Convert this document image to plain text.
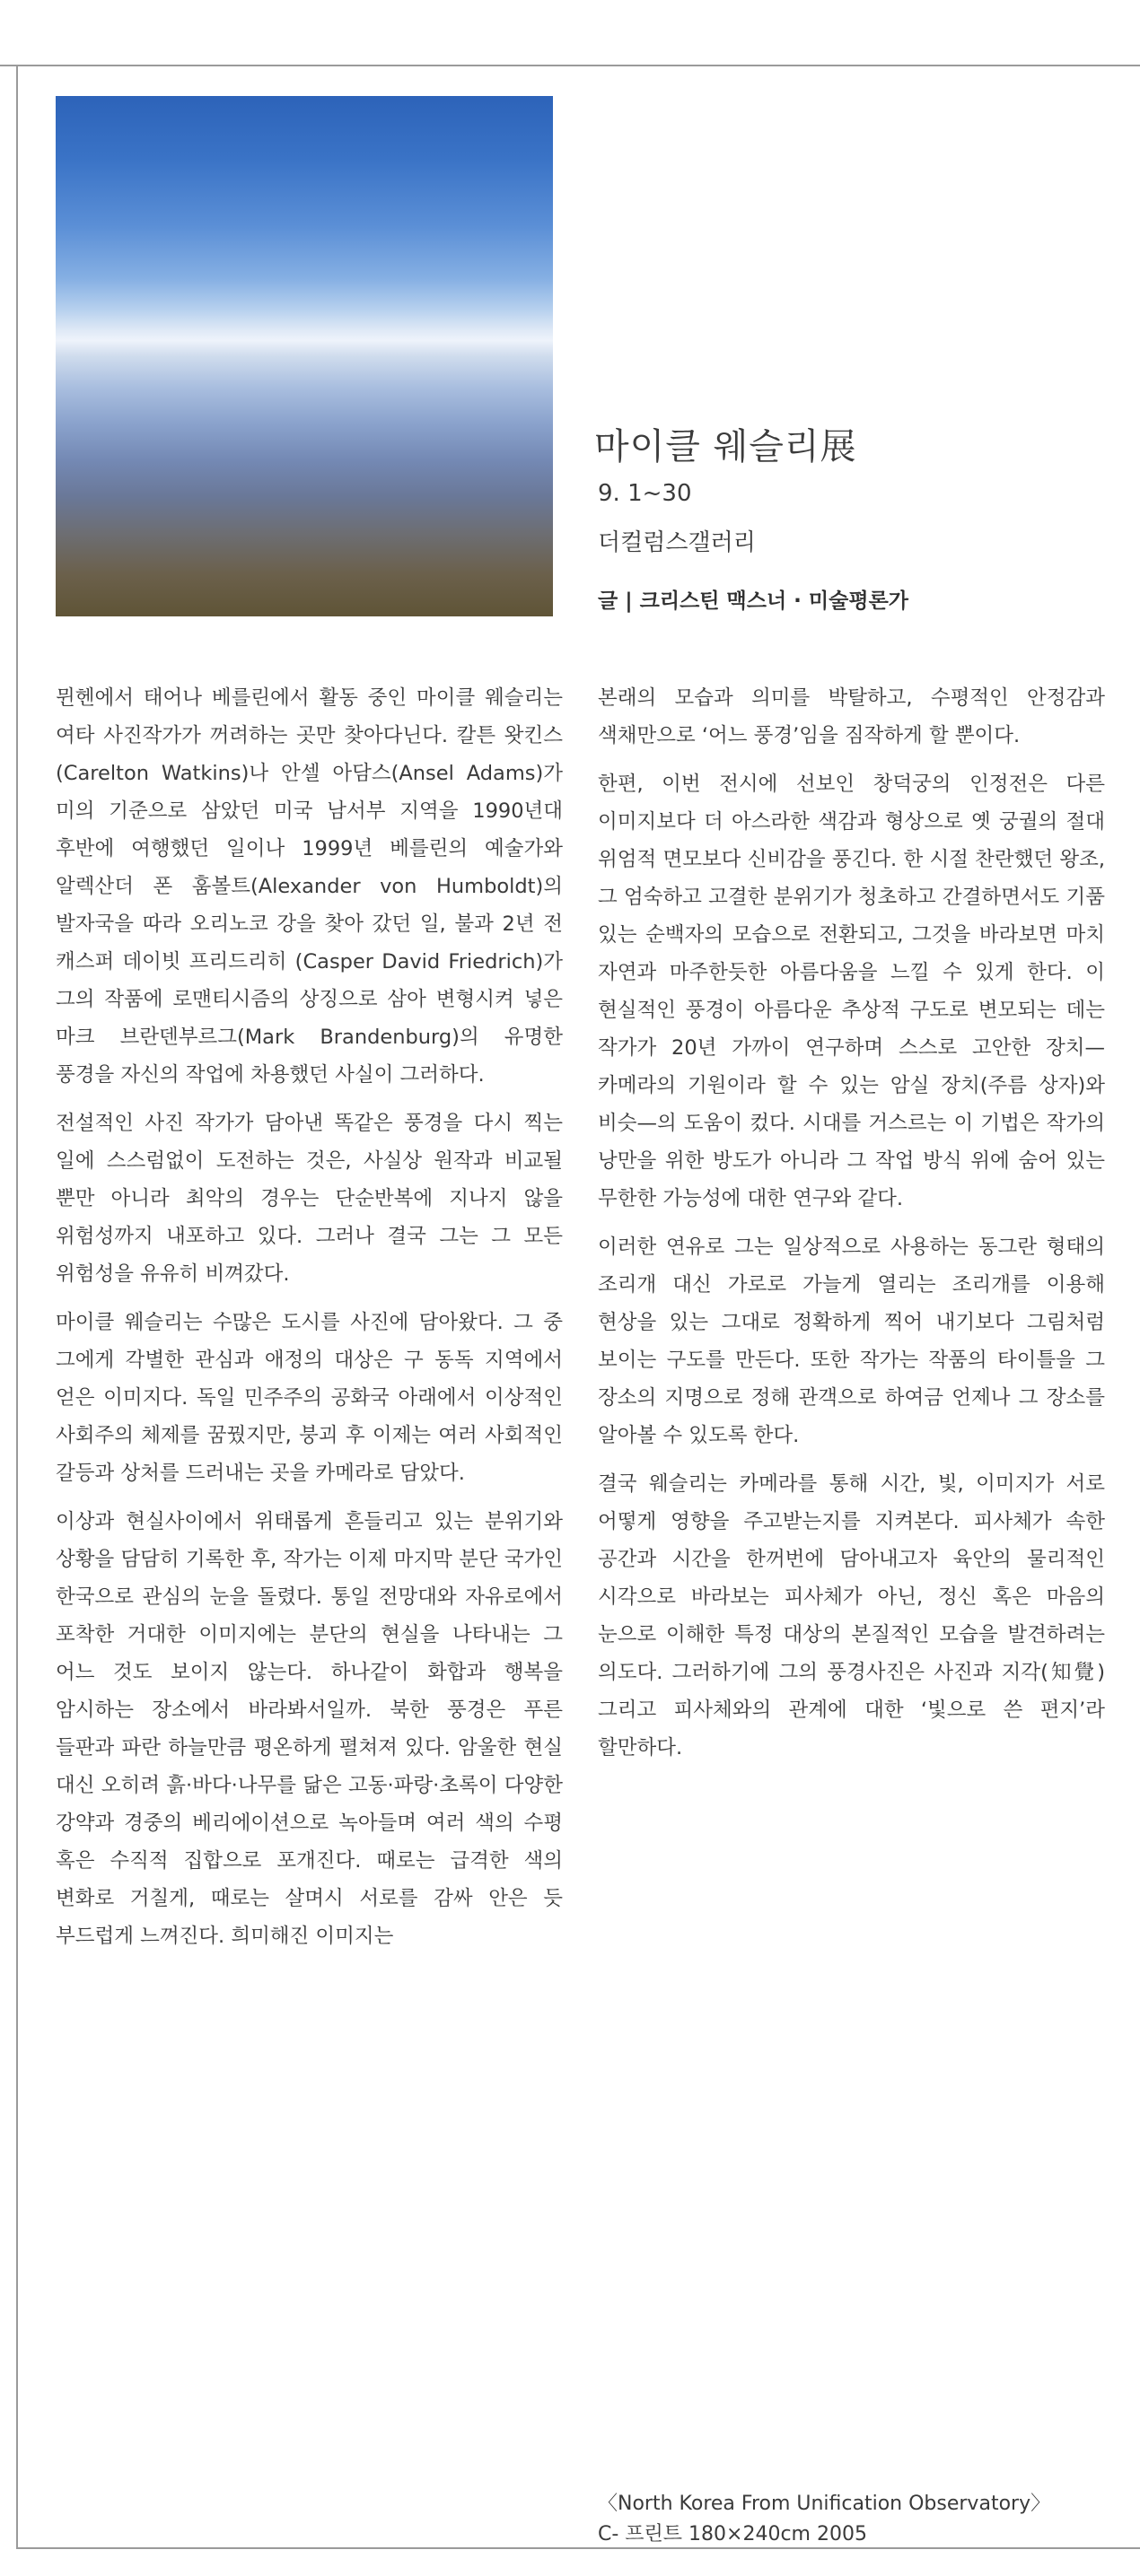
마이클 웨슬리展
9. 1~30
더컬럼스갤러리
글 | 크리스틴 맥스너 · 미술평론가

뮌헨에서 태어나 베를린에서 활동 중인 마이클 웨슬리는 여타 사진작가가 꺼려하는 곳만 찾아다닌다. 칼튼 왓킨스(Carelton Watkins)나 안셀 아담스(Ansel Adams)가 미의 기준으로 삼았던 미국 남서부 지역을 1990년대 후반에 여행했던 일이나 1999년 베를린의 예술가와 알렉산더 폰 훔볼트(Alexander von Humboldt)의 발자국을 따라 오리노코 강을 찾아 갔던 일, 불과 2년 전 캐스퍼 데이빗 프리드리히 (Casper David Friedrich)가 그의 작품에 로맨티시즘의 상징으로 삼아 변형시켜 넣은 마크 브란덴부르그(Mark Brandenburg)의 유명한 풍경을 자신의 작업에 차용했던 사실이 그러하다.

전설적인 사진 작가가 담아낸 똑같은 풍경을 다시 찍는 일에 스스럼없이 도전하는 것은, 사실상 원작과 비교될 뿐만 아니라 최악의 경우는 단순반복에 지나지 않을 위험성까지 내포하고 있다. 그러나 결국 그는 그 모든 위험성을 유유히 비껴갔다.

마이클 웨슬리는 수많은 도시를 사진에 담아왔다. 그 중 그에게 각별한 관심과 애정의 대상은 구 동독 지역에서 얻은 이미지다. 독일 민주주의 공화국 아래에서 이상적인 사회주의 체제를 꿈꿨지만, 붕괴 후 이제는 여러 사회적인 갈등과 상처를 드러내는 곳을 카메라로 담았다.

이상과 현실사이에서 위태롭게 흔들리고 있는 분위기와 상황을 담담히 기록한 후, 작가는 이제 마지막 분단 국가인 한국으로 관심의 눈을 돌렸다. 통일 전망대와 자유로에서 포착한 거대한 이미지에는 분단의 현실을 나타내는 그 어느 것도 보이지 않는다. 하나같이 화합과 행복을 암시하는 장소에서 바라봐서일까. 북한 풍경은 푸른 들판과 파란 하늘만큼 평온하게 펼쳐져 있다. 암울한 현실 대신 오히려 흙·바다·나무를 닮은 고동·파랑·초록이 다양한 강약과 경중의 베리에이션으로 녹아들며 여러 색의 수평 혹은 수직적 집합으로 포개진다. 때로는 급격한 색의 변화로 거칠게, 때로는 살며시 서로를 감싸 안은 듯 부드럽게 느껴진다. 희미해진 이미지는

본래의 모습과 의미를 박탈하고, 수평적인 안정감과 색채만으로 ‘어느 풍경’임을 짐작하게 할 뿐이다.

한편, 이번 전시에 선보인 창덕궁의 인정전은 다른 이미지보다 더 아스라한 색감과 형상으로 옛 궁궐의 절대 위엄적 면모보다 신비감을 풍긴다. 한 시절 찬란했던 왕조, 그 엄숙하고 고결한 분위기가 청초하고 간결하면서도 기품 있는 순백자의 모습으로 전환되고, 그것을 바라보면 마치 자연과 마주한듯한 아름다움을 느낄 수 있게 한다. 이 현실적인 풍경이 아름다운 추상적 구도로 변모되는 데는 작가가 20년 가까이 연구하며 스스로 고안한 장치—카메라의 기원이라 할 수 있는 암실 장치(주름 상자)와 비슷—의 도움이 컸다. 시대를 거스르는 이 기법은 작가의 낭만을 위한 방도가 아니라 그 작업 방식 위에 숨어 있는 무한한 가능성에 대한 연구와 같다.

이러한 연유로 그는 일상적으로 사용하는 동그란 형태의 조리개 대신 가로로 가늘게 열리는 조리개를 이용해 현상을 있는 그대로 정확하게 찍어 내기보다 그림처럼 보이는 구도를 만든다. 또한 작가는 작품의 타이틀을 그 장소의 지명으로 정해 관객으로 하여금 언제나 그 장소를 알아볼 수 있도록 한다.

결국 웨슬리는 카메라를 통해 시간, 빛, 이미지가 서로 어떻게 영향을 주고받는지를 지켜본다. 피사체가 속한 공간과 시간을 한꺼번에 담아내고자 육안의 물리적인 시각으로 바라보는 피사체가 아닌, 정신 혹은 마음의 눈으로 이해한 특정 대상의 본질적인 모습을 발견하려는 의도다. 그러하기에 그의 풍경사진은 사진과 지각(知覺) 그리고 피사체와의 관계에 대한 ‘빛으로 쓴 편지’라 할만하다.

〈North Korea From Unification Observatory〉
C- 프린트 180×240cm 2005
